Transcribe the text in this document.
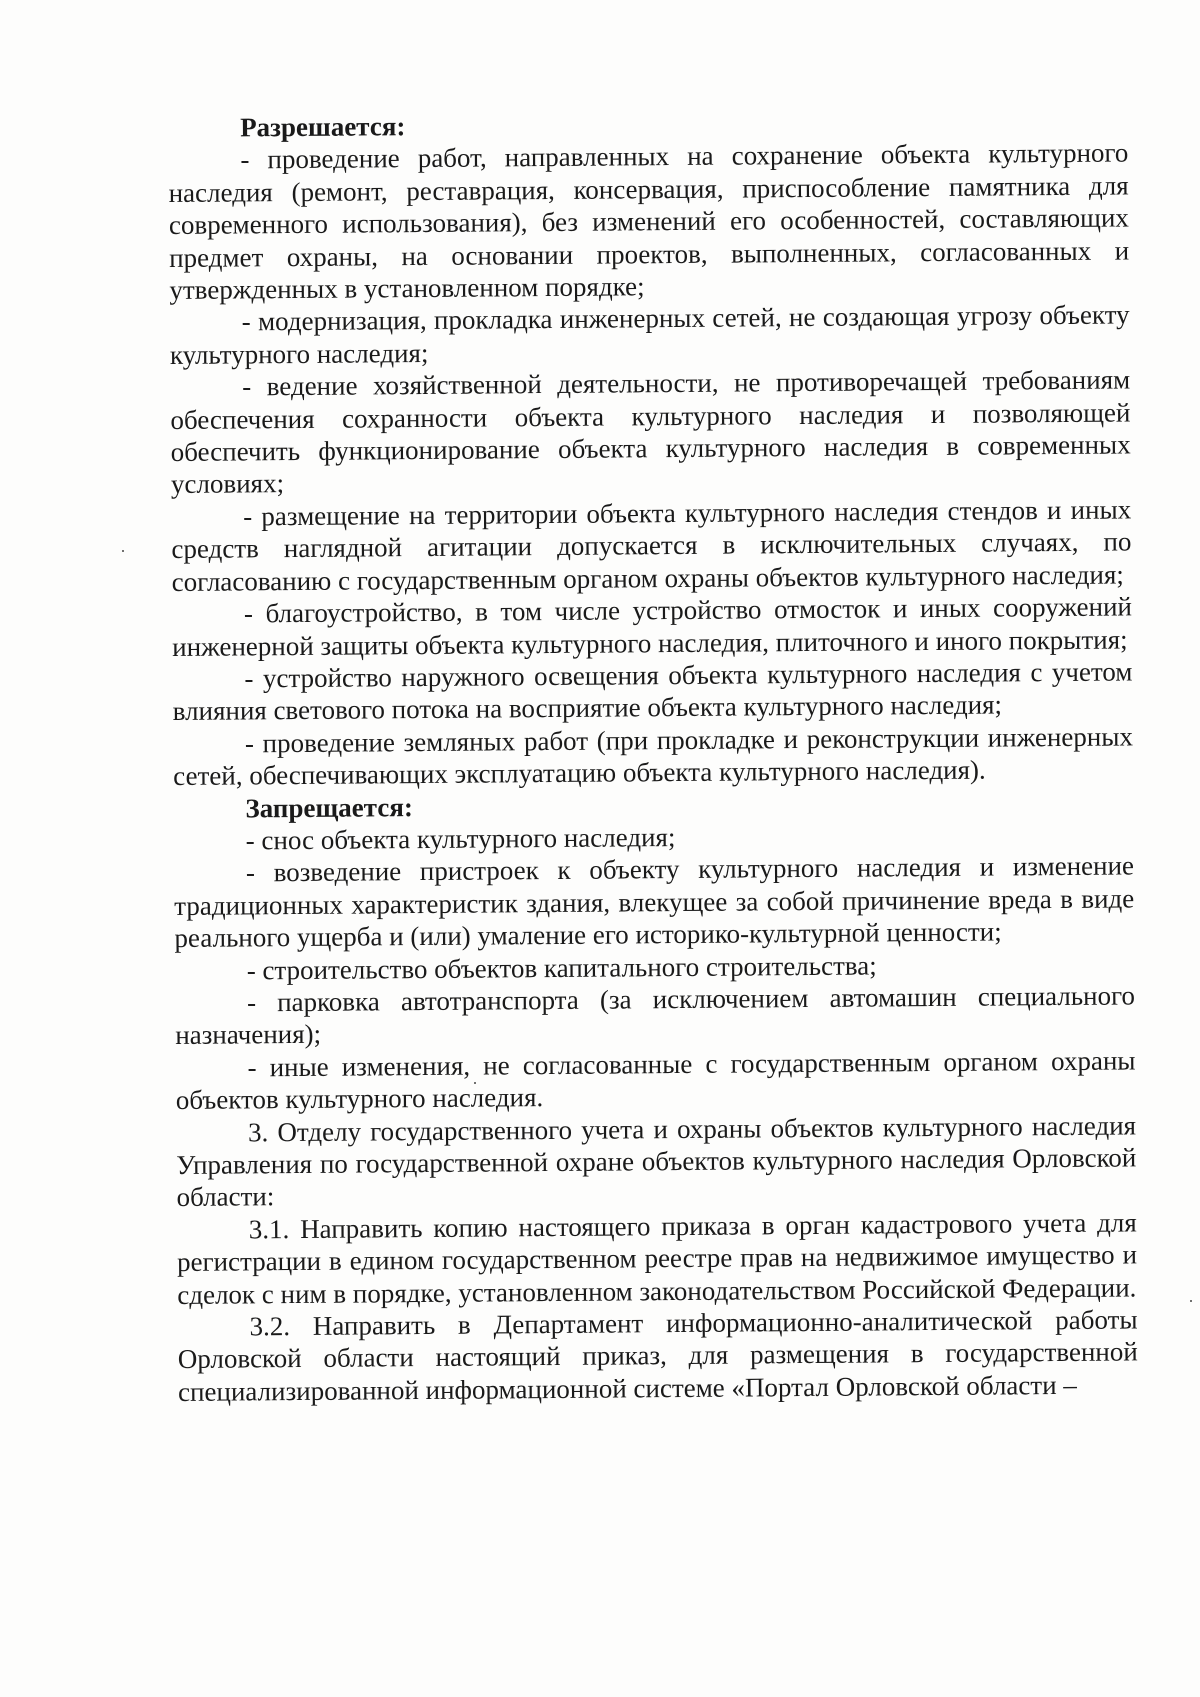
Разрешается:

- проведение работ, направленных на сохранение объекта культурного наследия (ремонт, реставрация, консервация, приспособление памятника для современного использования), без изменений его особенностей, составляющих предмет охраны, на основании проектов, выполненных, согласованных и утвержденных в установленном порядке;

- модернизация, прокладка инженерных сетей, не создающая угрозу объекту культурного наследия;

- ведение хозяйственной деятельности, не противоречащей требованиям обеспечения сохранности объекта культурного наследия и позволяющей обеспечить функционирование объекта культурного наследия в современных условиях;

- размещение на территории объекта культурного наследия стендов и иных средств наглядной агитации допускается в исключительных случаях, по согласованию с государственным органом охраны объектов культурного наследия;

- благоустройство, в том числе устройство отмосток и иных сооружений инженерной защиты объекта культурного наследия, плиточного и иного покрытия;

- устройство наружного освещения объекта культурного наследия с учетом влияния светового потока на восприятие объекта культурного наследия;

- проведение земляных работ (при прокладке и реконструкции инженерных сетей, обеспечивающих эксплуатацию объекта культурного наследия).

Запрещается:

- снос объекта культурного наследия;

- возведение пристроек к объекту культурного наследия и изменение традиционных характеристик здания, влекущее за собой причинение вреда в виде реального ущерба и (или) умаление его историко-культурной ценности;

- строительство объектов капитального строительства;

- парковка автотранспорта (за исключением автомашин специального назначения);

- иные изменения, не согласованные с государственным органом охраны объектов культурного наследия.

3. Отделу государственного учета и охраны объектов культурного наследия Управления по государственной охране объектов культурного наследия Орловской области:

3.1. Направить копию настоящего приказа в орган кадастрового учета для регистрации в едином государственном реестре прав на недвижимое имущество и сделок с ним в порядке, установленном законодательством Российской Федерации.

3.2. Направить в Департамент информационно-аналитической работы Орловской области настоящий приказ, для размещения в государственной специализированной информационной системе «Портал Орловской области –
